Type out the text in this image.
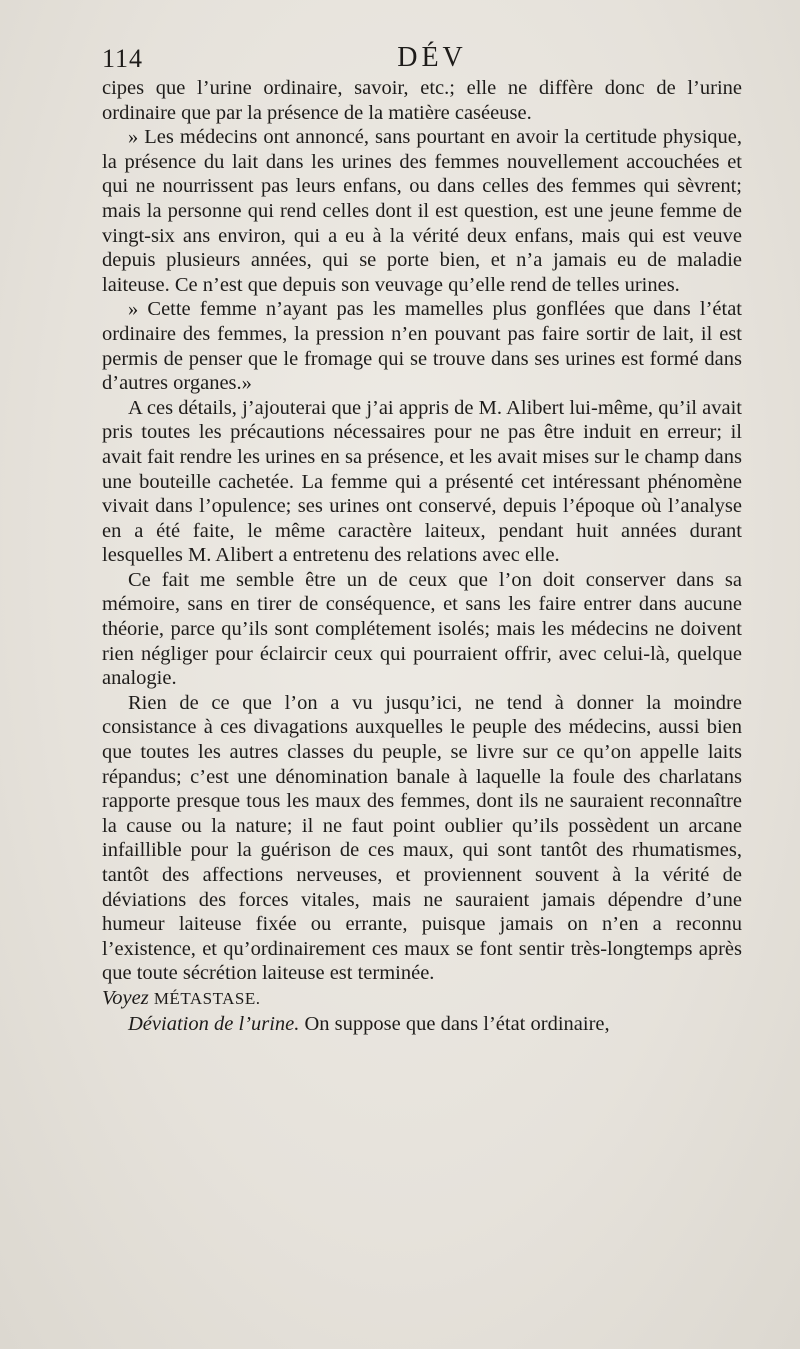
114	DÉV

cipes que l’urine ordinaire, savoir, etc.; elle ne diffère donc de l’urine ordinaire que par la présence de la matière caséeuse.

» Les médecins ont annoncé, sans pourtant en avoir la certitude physique, la présence du lait dans les urines des femmes nouvellement accouchées et qui ne nourrissent pas leurs enfans, ou dans celles des femmes qui sèvrent; mais la personne qui rend celles dont il est question, est une jeune femme de vingt-six ans environ, qui a eu à la vérité deux enfans, mais qui est veuve depuis plusieurs années, qui se porte bien, et n’a jamais eu de maladie laiteuse. Ce n’est que depuis son veuvage qu’elle rend de telles urines.

» Cette femme n’ayant pas les mamelles plus gonflées que dans l’état ordinaire des femmes, la pression n’en pouvant pas faire sortir de lait, il est permis de penser que le fromage qui se trouve dans ses urines est formé dans d’autres organes.»

A ces détails, j’ajouterai que j’ai appris de M. Alibert lui-même, qu’il avait pris toutes les précautions nécessaires pour ne pas être induit en erreur; il avait fait rendre les urines en sa présence, et les avait mises sur le champ dans une bouteille cachetée. La femme qui a présenté cet intéressant phénomène vivait dans l’opulence; ses urines ont conservé, depuis l’époque où l’analyse en a été faite, le même caractère laiteux, pendant huit années durant lesquelles M. Alibert a entretenu des relations avec elle.

Ce fait me semble être un de ceux que l’on doit conserver dans sa mémoire, sans en tirer de conséquence, et sans les faire entrer dans aucune théorie, parce qu’ils sont complétement isolés; mais les médecins ne doivent rien négliger pour éclaircir ceux qui pourraient offrir, avec celui-là, quelque analogie.

Rien de ce que l’on a vu jusqu’ici, ne tend à donner la moindre consistance à ces divagations auxquelles le peuple des médecins, aussi bien que toutes les autres classes du peuple, se livre sur ce qu’on appelle laits répandus; c’est une dénomination banale à laquelle la foule des charlatans rapporte presque tous les maux des femmes, dont ils ne sauraient reconnaître la cause ou la nature; il ne faut point oublier qu’ils possèdent un arcane infaillible pour la guérison de ces maux, qui sont tantôt des rhumatismes, tantôt des affections nerveuses, et proviennent souvent à la vérité de déviations des forces vitales, mais ne sauraient jamais dépendre d’une humeur laiteuse fixée ou errante, puisque jamais on n’en a reconnu l’existence, et qu’ordinairement ces maux se font sentir très-longtemps après que toute sécrétion laiteuse est terminée.

Voyez MÉTASTASE.

Déviation de l’urine. On suppose que dans l’état ordinaire,
